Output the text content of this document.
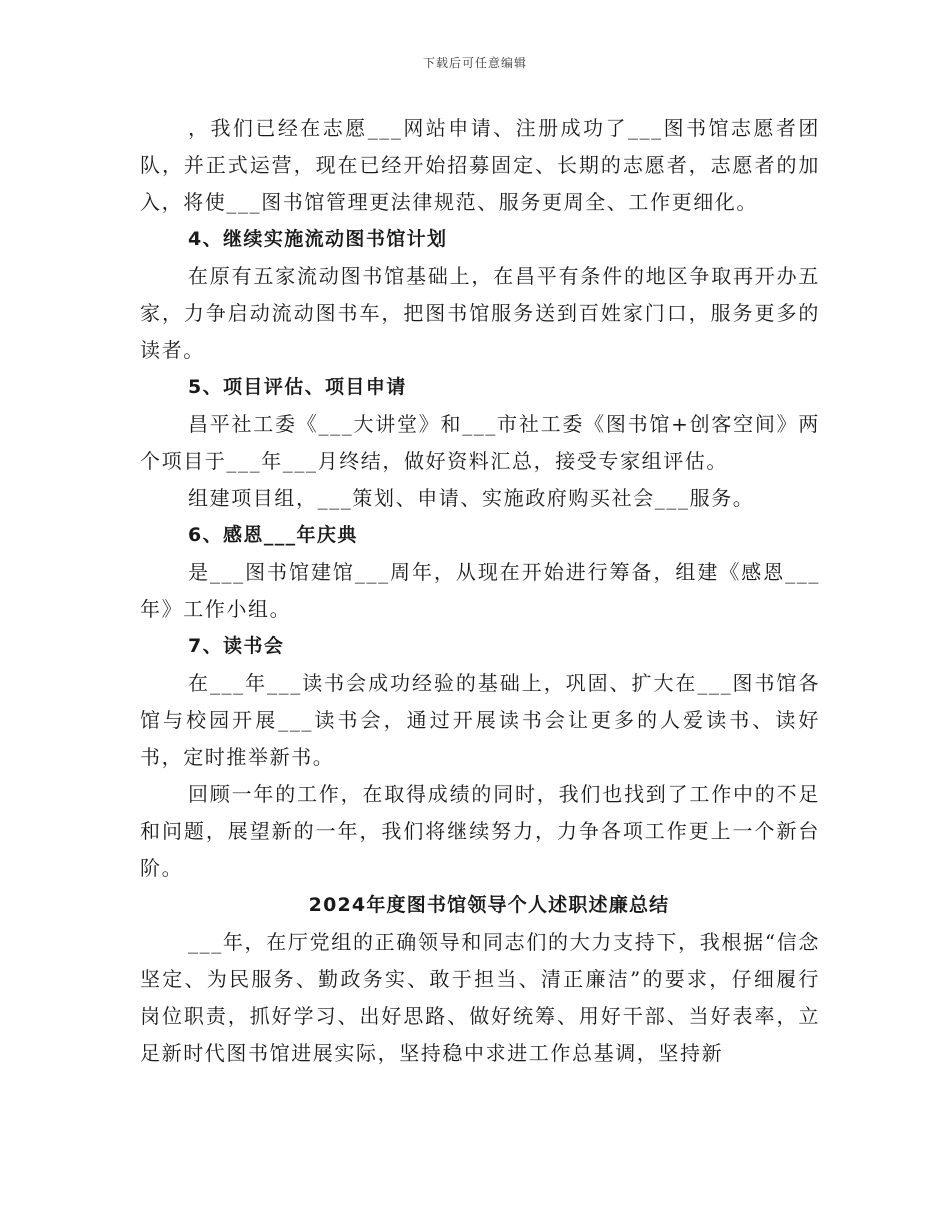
下载后可任意编辑

，我们已经在志愿___网站申请、注册成功了___图书馆志愿者团队，并正式运营，现在已经开始招募固定、长期的志愿者，志愿者的加入，将使___图书馆管理更法律规范、服务更周全、工作更细化。

4、继续实施流动图书馆计划

在原有五家流动图书馆基础上，在昌平有条件的地区争取再开办五家，力争启动流动图书车，把图书馆服务送到百姓家门口，服务更多的读者。

5、项目评估、项目申请

昌平社工委《___大讲堂》和___市社工委《图书馆+创客空间》两个项目于___年___月终结，做好资料汇总，接受专家组评估。

组建项目组，___策划、申请、实施政府购买社会___服务。

6、感恩___年庆典

是___图书馆建馆___周年，从现在开始进行筹备，组建《感恩___年》工作小组。

7、读书会

在___年___读书会成功经验的基础上，巩固、扩大在___图书馆各馆与校园开展___读书会，通过开展读书会让更多的人爱读书、读好书，定时推举新书。

回顾一年的工作，在取得成绩的同时，我们也找到了工作中的不足和问题，展望新的一年，我们将继续努力，力争各项工作更上一个新台阶。

2024年度图书馆领导个人述职述廉总结

___年，在厅党组的正确领导和同志们的大力支持下，我根据“信念坚定、为民服务、勤政务实、敢于担当、清正廉洁”的要求，仔细履行岗位职责，抓好学习、出好思路、做好统筹、用好干部、当好表率，立足新时代图书馆进展实际，坚持稳中求进工作总基调，坚持新
